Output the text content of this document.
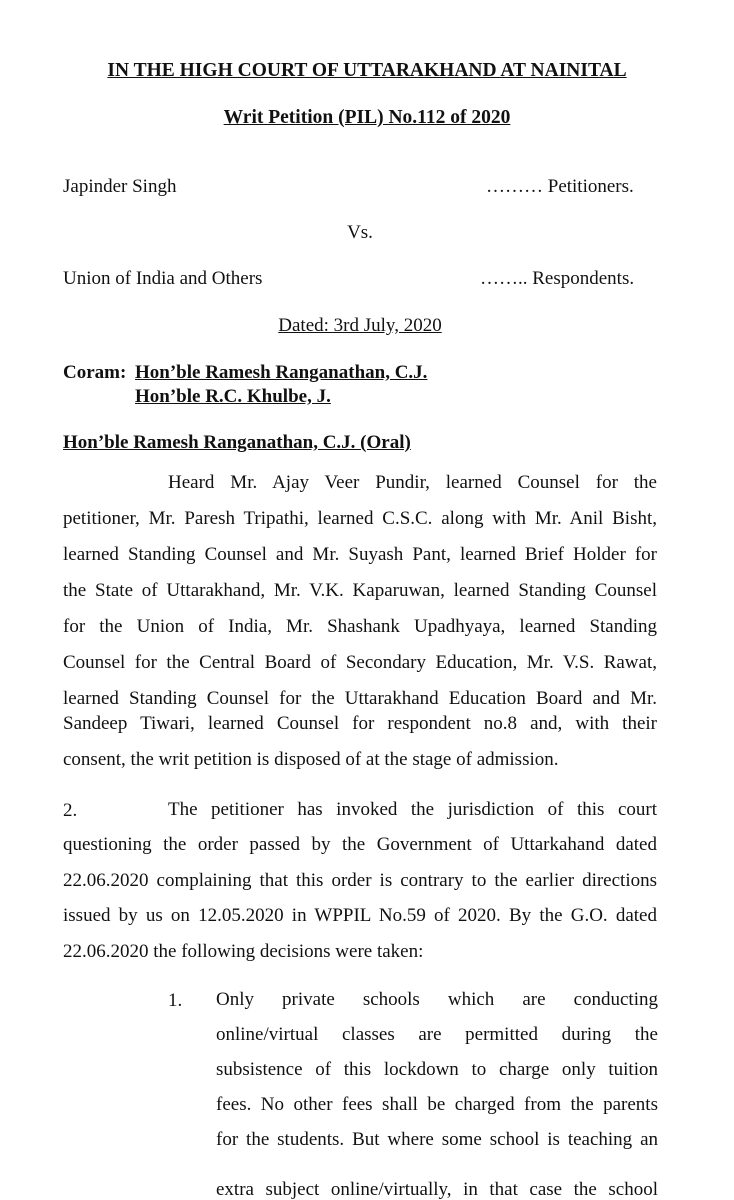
IN THE HIGH COURT OF UTTARAKHAND AT NAINITAL
Writ Petition (PIL) No.112 of 2020
Japinder Singh	……… Petitioners.
Vs.
Union of India and Others	…….. Respondents.
Dated: 3rd July, 2020
Coram: Hon’ble Ramesh Ranganathan, C.J.
Hon’ble R.C. Khulbe, J.
Hon’ble Ramesh Ranganathan, C.J. (Oral)
Heard Mr. Ajay Veer Pundir, learned Counsel for the
petitioner, Mr. Paresh Tripathi, learned C.S.C. along with Mr. Anil Bisht,
learned Standing Counsel and Mr. Suyash Pant, learned Brief Holder for
the State of Uttarakhand, Mr. V.K. Kaparuwan, learned Standing Counsel
for the Union of India, Mr. Shashank Upadhyaya, learned Standing
Counsel for the Central Board of Secondary Education, Mr. V.S. Rawat,
learned Standing Counsel for the Uttarakhand Education Board and Mr.
Sandeep Tiwari, learned Counsel for respondent no.8 and, with their
consent, the writ petition is disposed of at the stage of admission.
2.	The petitioner has invoked the jurisdiction of this court
questioning the order passed by the Government of Uttarkahand dated
22.06.2020 complaining that this order is contrary to the earlier directions
issued by us on 12.05.2020 in WPPIL No.59 of 2020. By the G.O. dated
22.06.2020 the following decisions were taken:
1. Only private schools which are conducting
online/virtual classes are permitted during the
subsistence of this lockdown to charge only tuition
fees. No other fees shall be charged from the parents
for the students. But where some school is teaching an
extra subject online/virtually, in that case the school
